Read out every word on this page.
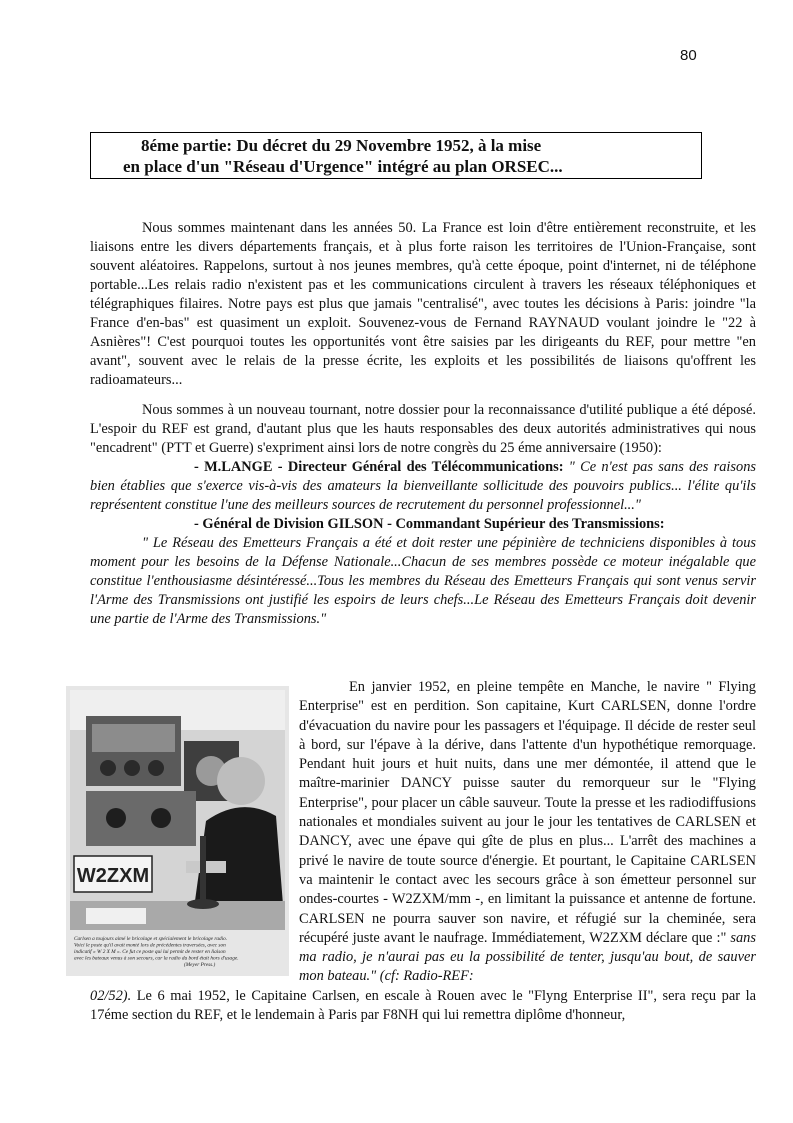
80
8éme partie: Du décret du 29 Novembre 1952, à la mise
en place d'un "Réseau d'Urgence" intégré au plan ORSEC...

Nous sommes maintenant dans les années 50. La France est loin d'être entièrement reconstruite, et les liaisons entre les divers départements français, et à plus forte raison les territoires de l'Union-Française, sont souvent aléatoires. Rappelons, surtout à nos jeunes membres, qu'à cette époque, point d'internet, ni de téléphone portable...Les relais radio n'existent pas et les communications circulent à travers les réseaux téléphoniques et télégraphiques filaires. Notre pays est plus que jamais "centralisé", avec toutes les décisions à Paris: joindre "la France d'en-bas" est quasiment un exploit. Souvenez-vous de Fernand RAYNAUD voulant joindre le "22 à Asnières"! C'est pourquoi toutes les opportunités vont être saisies par les dirigeants du REF, pour mettre "en avant", souvent avec le relais de la presse écrite, les exploits et les possibilités de liaisons qu'offrent les radioamateurs...

Nous sommes à un nouveau tournant, notre dossier pour la reconnaissance d'utilité publique a été déposé. L'espoir du REF est grand, d'autant plus que les hauts responsables des deux autorités administratives qui nous "encadrent" (PTT et Guerre) s'expriment ainsi lors de notre congrès du 25 éme anniversaire (1950):

- M.LANGE - Directeur Général des Télécommunications: " Ce n'est pas sans des raisons bien établies que s'exerce vis-à-vis des amateurs la bienveillante sollicitude des pouvoirs publics... l'élite qu'ils représentent constitue l'une des meilleurs sources de recrutement du personnel professionnel..."

- Général de Division GILSON - Commandant Supérieur des Transmissions:

" Le Réseau des Emetteurs Français a été et doit rester une pépinière de techniciens disponibles à tous moment pour les besoins de la Défense Nationale...Chacun de ses membres possède ce moteur inégalable que constitue l'enthousiasme désintéressé...Tous les membres du Réseau des Emetteurs Français qui sont venus servir l'Arme des Transmissions ont justifié les espoirs de leurs chefs...Le Réseau des Emetteurs Français doit devenir une partie de l'Arme des Transmissions."

W2ZXM
Carlsen a toujours aimé le bricolage et spécialement le bricolage radio. Voici le poste qu'il avait monté lors de précédentes traversées, avec son indicatif « W 2 X M ». Ce fut ce poste qui lui permit de rester en liaison avec les bateaux venus à son secours, car la radio du bord était hors d'usage. (Meyer Press.)

En janvier 1952, en pleine tempête en Manche, le navire " Flying Enterprise" est en perdition. Son capitaine, Kurt CARLSEN, donne l'ordre d'évacuation du navire pour les passagers et l'équipage. Il décide de rester seul à bord, sur l'épave à la dérive, dans l'attente d'un hypothétique remorquage. Pendant huit jours et huit nuits, dans une mer démontée, il attend que le maître-marinier DANCY puisse sauter du remorqueur sur le "Flying Enterprise", pour placer un câble sauveur. Toute la presse et les radiodiffusions nationales et mondiales suivent au jour le jour les tentatives de CARLSEN et DANCY, avec une épave qui gîte de plus en plus... L'arrêt des machines a privé le navire de toute source d'énergie. Et pourtant, le Capitaine CARLSEN va maintenir le contact avec les secours grâce à son émetteur personnel sur ondes-courtes - W2ZXM/mm -, en limitant la puissance et antenne de fortune. CARLSEN ne pourra sauver son navire, et réfugié sur la cheminée, sera récupéré juste avant le naufrage. Immédiatement, W2ZXM déclare que :" sans ma radio, je n'aurai pas eu la possibilité de tenter, jusqu'au bout, de sauver mon bateau." (cf: Radio-REF:

02/52). Le 6 mai 1952, le Capitaine Carlsen, en escale à Rouen avec le "Flyng Enterprise II", sera reçu par la 17éme section du REF, et le lendemain à Paris par F8NH qui lui remettra diplôme d'honneur,
